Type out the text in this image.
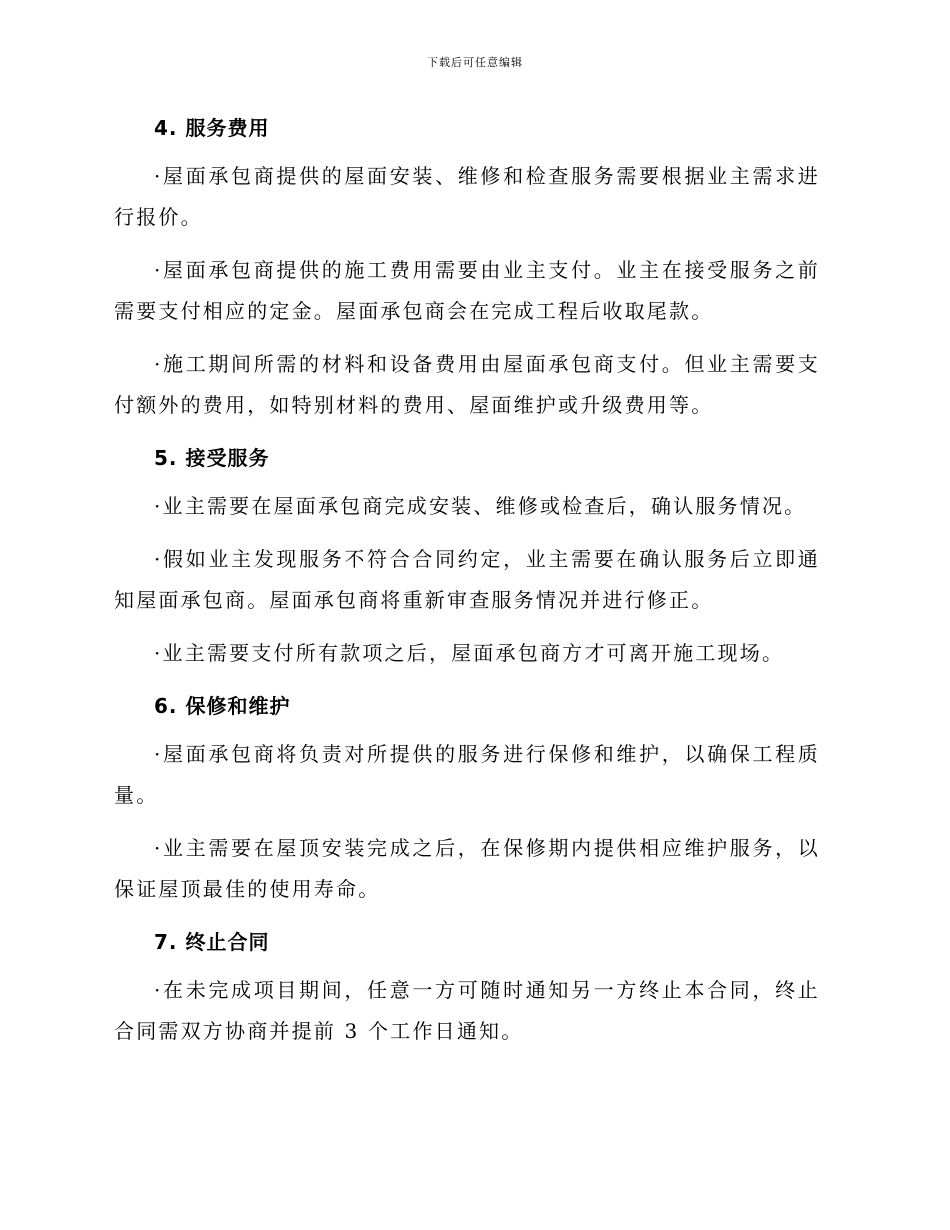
下载后可任意编辑
4. 服务费用

·屋面承包商提供的屋面安装、维修和检查服务需要根据业主需求进行报价。

·屋面承包商提供的施工费用需要由业主支付。业主在接受服务之前需要支付相应的定金。屋面承包商会在完成工程后收取尾款。

·施工期间所需的材料和设备费用由屋面承包商支付。但业主需要支付额外的费用，如特别材料的费用、屋面维护或升级费用等。

5. 接受服务

·业主需要在屋面承包商完成安装、维修或检查后，确认服务情况。

·假如业主发现服务不符合合同约定，业主需要在确认服务后立即通知屋面承包商。屋面承包商将重新审查服务情况并进行修正。

·业主需要支付所有款项之后，屋面承包商方才可离开施工现场。

6. 保修和维护

·屋面承包商将负责对所提供的服务进行保修和维护，以确保工程质量。

·业主需要在屋顶安装完成之后，在保修期内提供相应维护服务，以保证屋顶最佳的使用寿命。

7. 终止合同

·在未完成项目期间，任意一方可随时通知另一方终止本合同，终止合同需双方协商并提前 3 个工作日通知。
